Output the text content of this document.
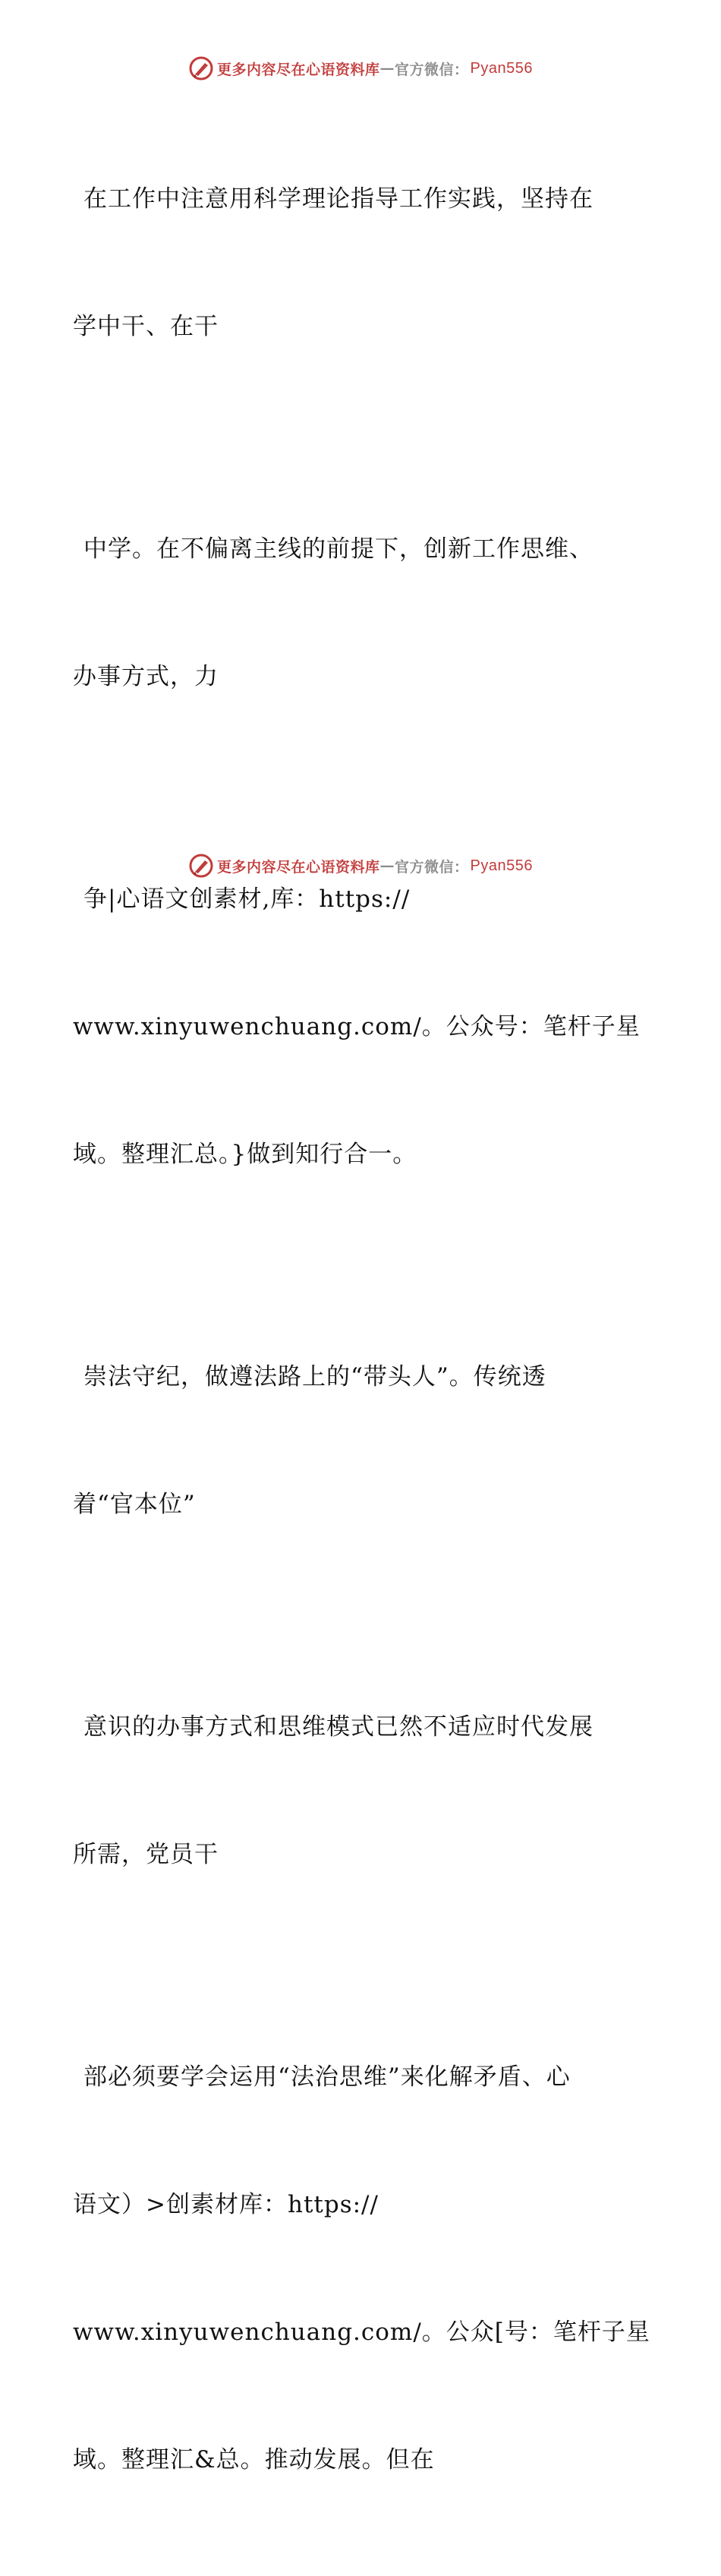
更多内容尽在心语资料库 — 官方微信： Pyan556

在工作中注意用科学理论指导工作实践，坚持在

学中干、在干

中学。在不偏离主线的前提下，创新工作思维、

办事方式，力

争|心语文创素材,库：https://

www.xinyuwenchuang.com/。公众号：笔杆子星

域。整理汇总。}做到知行合一。

崇法守纪，做遵法路上的“带头人”。传统透

着“官本位”

意识的办事方式和思维模式已然不适应时代发展

所需，党员干

部必须要学会运用“法治思维”来化解矛盾、心

语文）>创素材库：https://

www.xinyuwenchuang.com/。公众[号：笔杆子星

域。整理汇&总。推动发展。但在

更多内容尽在心语资料库 — 官方微信： Pyan556
